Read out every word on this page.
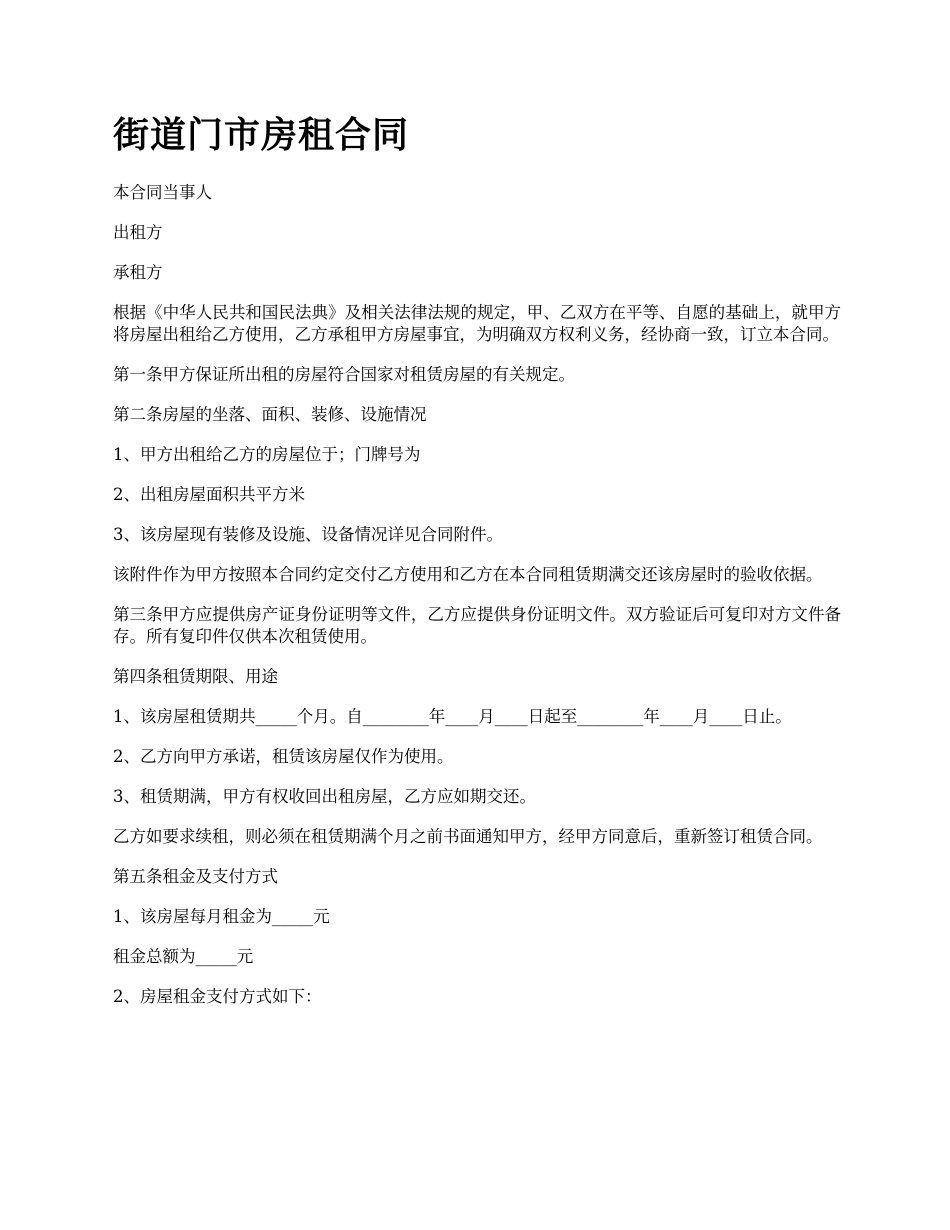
街道门市房租合同

本合同当事人

出租方

承租方

根据《中华人民共和国民法典》及相关法律法规的规定，甲、乙双方在平等、自愿的基础上，就甲方将房屋出租给乙方使用，乙方承租甲方房屋事宜，为明确双方权利义务，经协商一致，订立本合同。

第一条甲方保证所出租的房屋符合国家对租赁房屋的有关规定。

第二条房屋的坐落、面积、装修、设施情况

1、甲方出租给乙方的房屋位于；门牌号为

2、出租房屋面积共平方米

3、该房屋现有装修及设施、设备情况详见合同附件。

该附件作为甲方按照本合同约定交付乙方使用和乙方在本合同租赁期满交还该房屋时的验收依据。

第三条甲方应提供房产证身份证明等文件，乙方应提供身份证明文件。双方验证后可复印对方文件备存。所有复印件仅供本次租赁使用。

第四条租赁期限、用途

1、该房屋租赁期共_____个月。自________年____月____日起至________年____月____日止。

2、乙方向甲方承诺，租赁该房屋仅作为使用。

3、租赁期满，甲方有权收回出租房屋，乙方应如期交还。

乙方如要求续租，则必须在租赁期满个月之前书面通知甲方，经甲方同意后，重新签订租赁合同。

第五条租金及支付方式

1、该房屋每月租金为_____元

租金总额为_____元

2、房屋租金支付方式如下：
